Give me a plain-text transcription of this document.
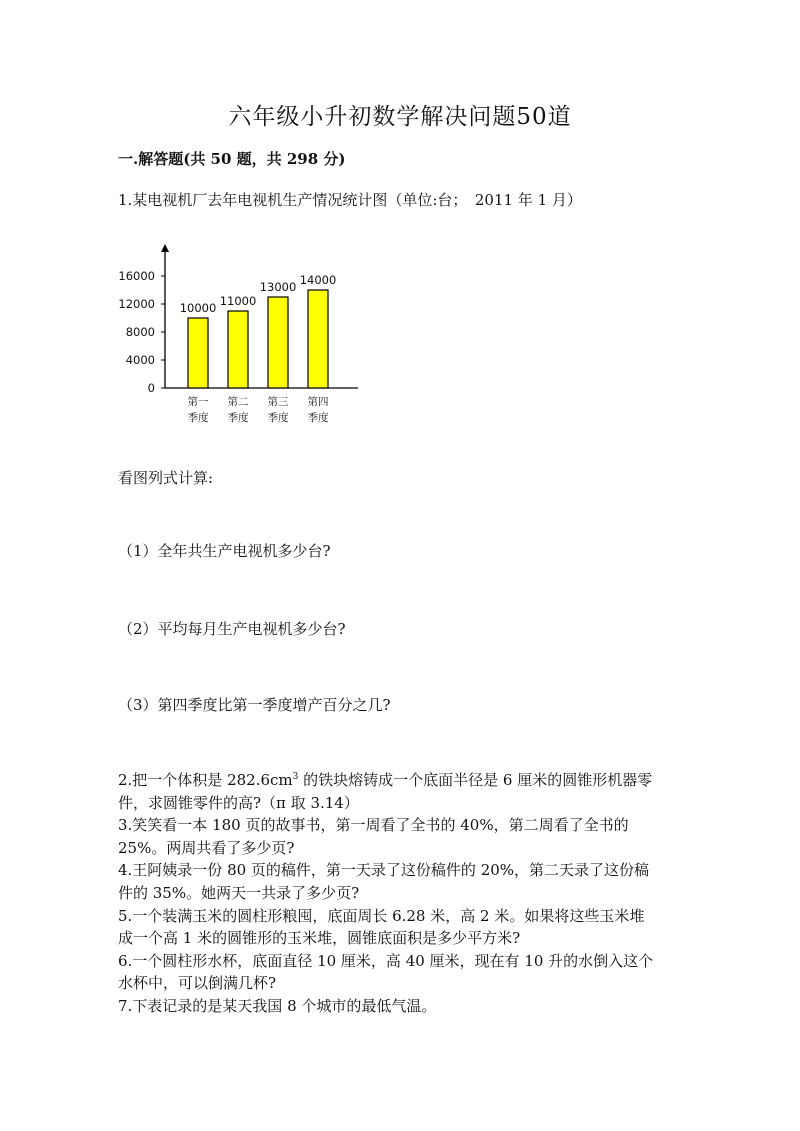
六年级小升初数学解决问题50道
一.解答题(共 50 题，共 298 分)
1.某电视机厂去年电视机生产情况统计图（单位:台；　2011 年 1 月）
0
4000
8000
12000
16000
10000
第一
季度
11000
第二
季度
13000
第三
季度
14000
第四
季度
看图列式计算:
（1）全年共生产电视机多少台?
（2）平均每月生产电视机多少台?
（3）第四季度比第一季度增产百分之几?

2.把一个体积是 $282.6cm^3$ 的铁块熔铸成一个底面半径是 6 厘米的圆锥形机器零

件，求圆锥零件的高?（π 取 3.14）

3.笑笑看一本 180 页的故事书，第一周看了全书的 40%，第二周看了全书的

25%。两周共看了多少页?

4.王阿姨录一份 80 页的稿件，第一天录了这份稿件的 20%，第二天录了这份稿

件的 35%。她两天一共录了多少页?

5.一个装满玉米的圆柱形粮囤，底面周长 6.28 米，高 2 米。如果将这些玉米堆

成一个高 1 米的圆锥形的玉米堆，圆锥底面积是多少平方米?

6.一个圆柱形水杯，底面直径 10 厘米，高 40 厘米，现在有 10 升的水倒入这个

水杯中，可以倒满几杯?

7.下表记录的是某天我国 8 个城市的最低气温。
